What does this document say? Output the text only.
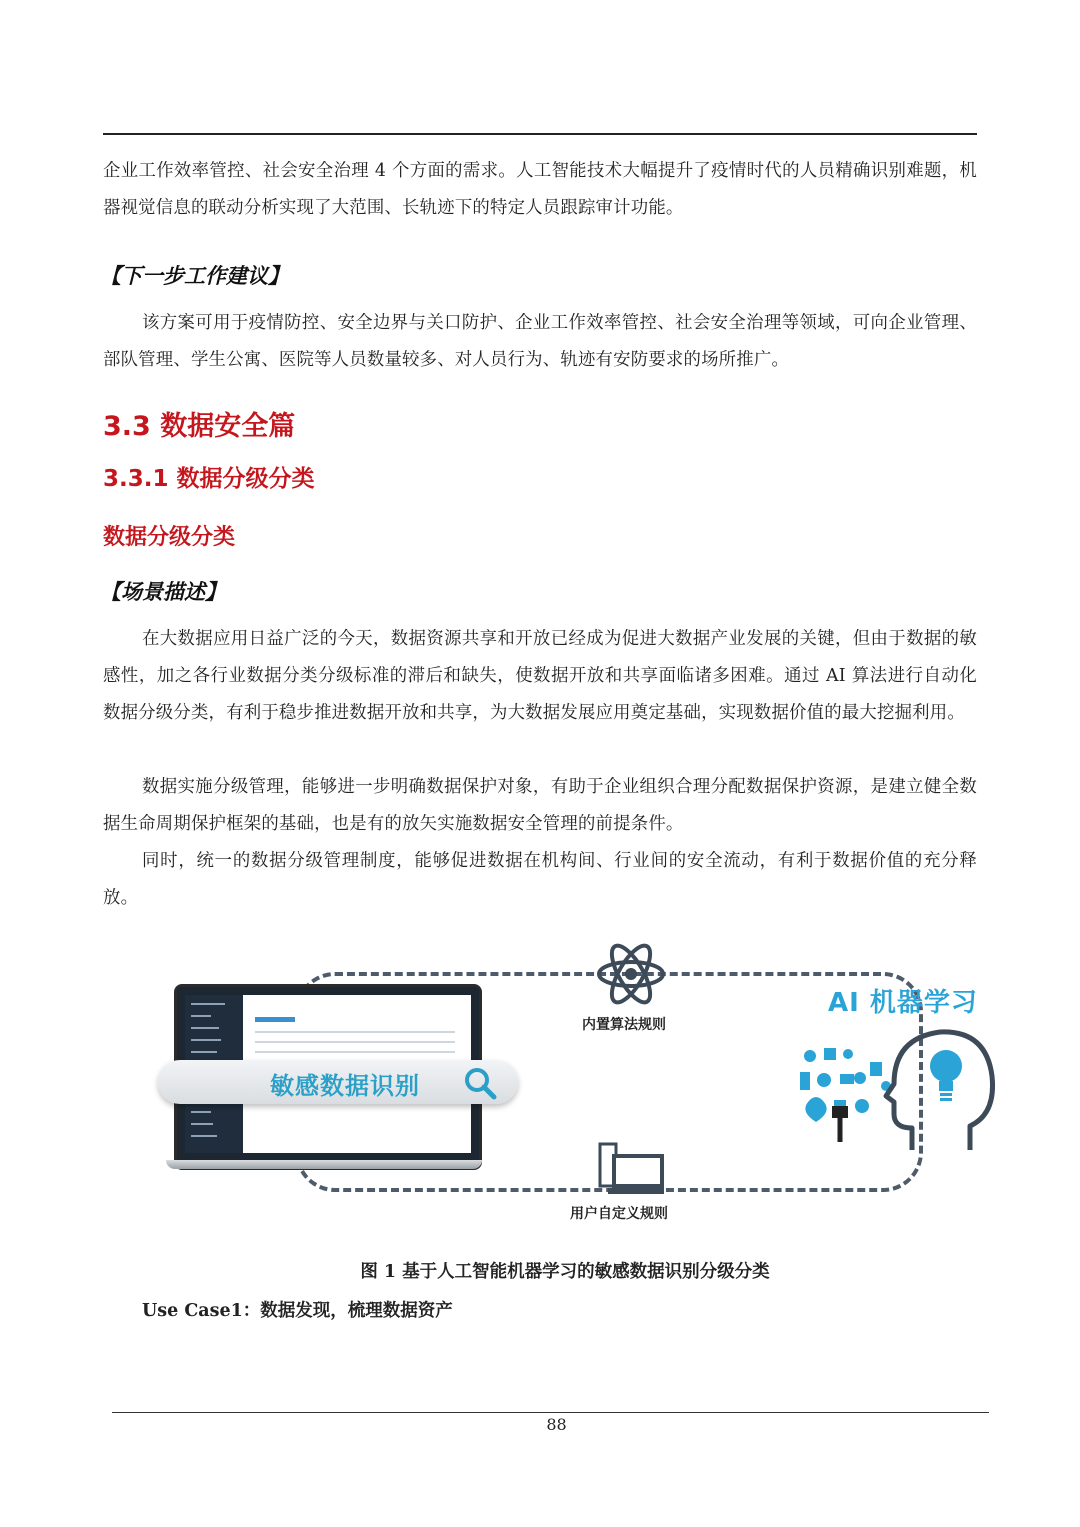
企业工作效率管控、社会安全治理 4 个方面的需求。人工智能技术大幅提升了疫情时代的人员精确识别难题，机器视觉信息的联动分析实现了大范围、长轨迹下的特定人员跟踪审计功能。
【下一步工作建议】
该方案可用于疫情防控、安全边界与关口防护、企业工作效率管控、社会安全治理等领域，可向企业管理、部队管理、学生公寓、医院等人员数量较多、对人员行为、轨迹有安防要求的场所推广。
3.3 数据安全篇
3.3.1 数据分级分类
数据分级分类
【场景描述】
在大数据应用日益广泛的今天，数据资源共享和开放已经成为促进大数据产业发展的关键，但由于数据的敏感性，加之各行业数据分类分级标准的滞后和缺失，使数据开放和共享面临诸多困难。通过 AI 算法进行自动化数据分级分类，有利于稳步推进数据开放和共享，为大数据发展应用奠定基础，实现数据价值的最大挖掘利用。
数据实施分级管理，能够进一步明确数据保护对象，有助于企业组织合理分配数据保护资源，是建立健全数据生命周期保护框架的基础，也是有的放矢实施数据安全管理的前提条件。
同时，统一的数据分级管理制度，能够促进数据在机构间、行业间的安全流动，有利于数据价值的充分释放。
敏感数据识别
内置算法规则
用户自定义规则
AI 机器学习
图 1 基于人工智能机器学习的敏感数据识别分级分类
Use Case1：数据发现，梳理数据资产
88
